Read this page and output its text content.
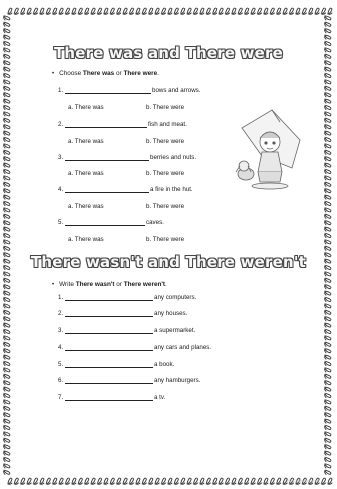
There was and There were
• Choose There was or There were.
1.	bows and arrows.
a. There was	b. There were
2.	fish and meat.
a. There was	b. There were
3.	berries and nuts.
a. There was	b. There were
4.	a fire in the hut.
a. There was	b. There were
5.	caves.
a. There was	b. There were
There wasn't and There weren't
• Write There wasn't or There weren't.
1.	any computers.
2.	any houses.
3.	a supermarket.
4.	any cars and planes.
5.	a book.
6.	any hamburgers.
7.	a tv.
iSLCollective.com
